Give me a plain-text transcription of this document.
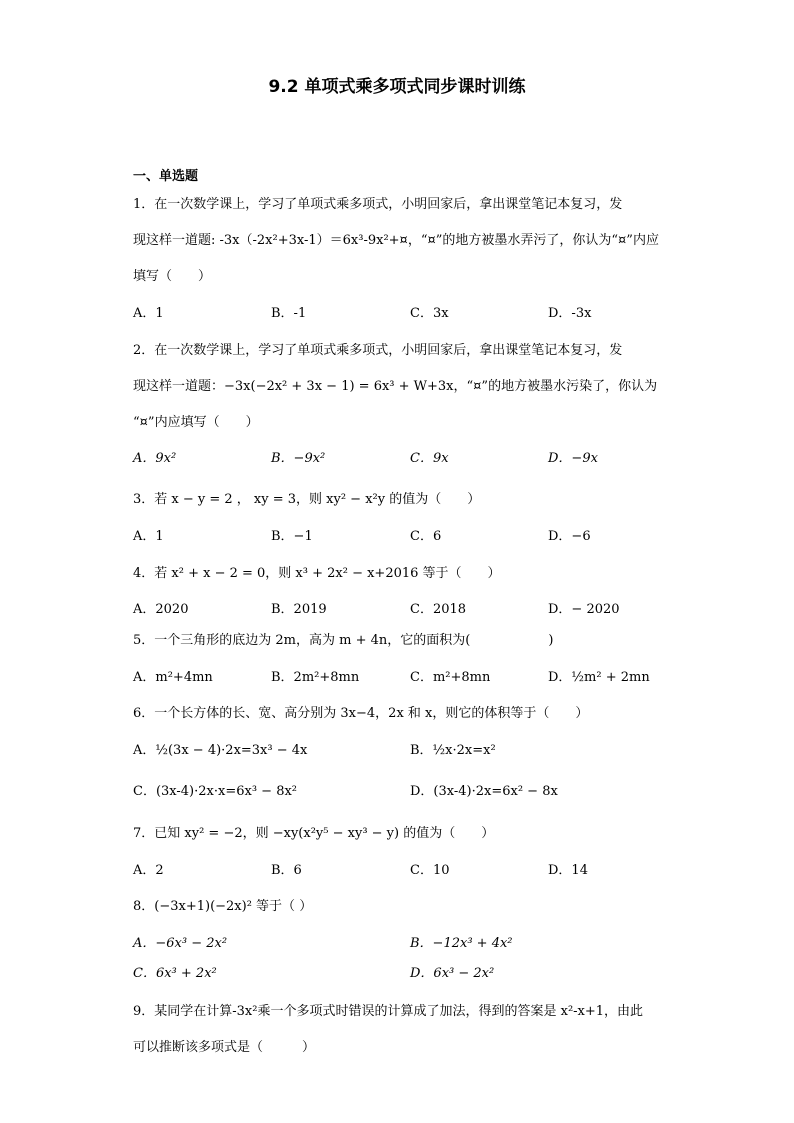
9.2 单项式乘多项式同步课时训练
一、单选题
1．在一次数学课上，学习了单项式乘多项式，小明回家后，拿出课堂笔记本复习，发
现这样一道题: -3x（-2x²+3x-1）＝6x³-9x²+¤，“¤”的地方被墨水弄污了，你认为“¤”内应
填写（　　）
A．1	B．-1	C．3x	D．-3x
2．在一次数学课上，学习了单项式乘多项式，小明回家后，拿出课堂笔记本复习，发
现这样一道题：−3x(−2x² + 3x − 1) = 6x³ + W+3x，“¤”的地方被墨水污染了，你认为
“¤”内应填写（　　）
A．9x²	B．−9x²	C．9x	D．−9x
3．若 x − y = 2 ， xy = 3，则 xy² − x²y 的值为（　　）
A．1	B．−1	C．6	D．−6
4．若 x² + x − 2 = 0，则 x³ + 2x² − x+2016 等于（　　）
A．2020	B．2019	C．2018	D．− 2020
5．一个三角形的底边为 2m，高为 m + 4n，它的面积为(　　　　　　)
A．m²+4mn	B．2m²+8mn	C．m²+8mn	D．½m² + 2mn
6．一个长方体的长、宽、高分别为 3x−4，2x 和 x，则它的体积等于（　　）
A．½(3x − 4)·2x=3x³ − 4x	B．½x·2x=x²
C．(3x-4)·2x·x=6x³ − 8x²	D．(3x-4)·2x=6x² − 8x
7．已知 xy² = −2，则 −xy(x²y⁵ − xy³ − y) 的值为（　　）
A．2	B．6	C．10	D．14
8．(−3x+1)(−2x)² 等于（ ）
A．−6x³ − 2x²	B．−12x³ + 4x²
C．6x³ + 2x²	D．6x³ − 2x²
9．某同学在计算-3x²乘一个多项式时错误的计算成了加法，得到的答案是 x²-x+1，由此
可以推断该多项式是（　　　）
